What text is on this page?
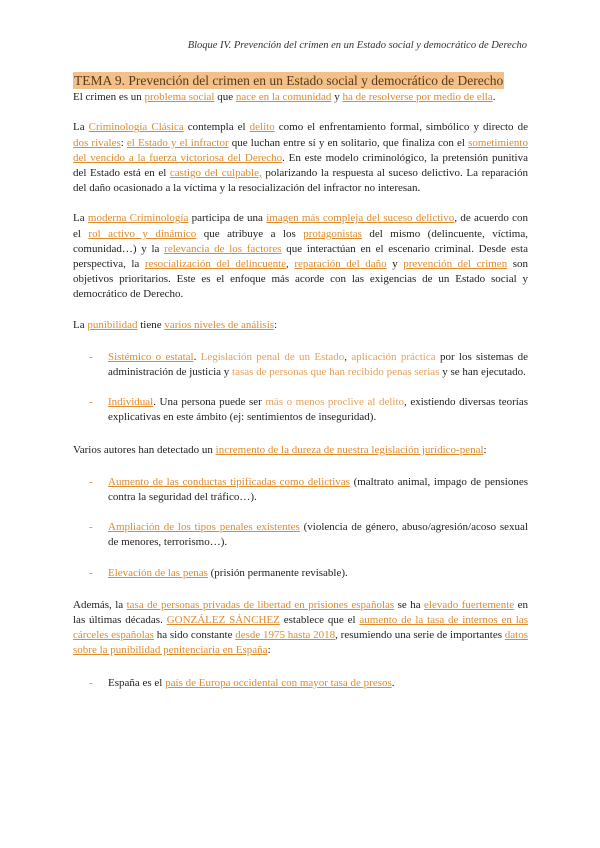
Bloque IV. Prevención del crimen en un Estado social y democrático de Derecho
TEMA 9. Prevención del crimen en un Estado social y democrático de Derecho

El crimen es un problema social que nace en la comunidad y ha de resolverse por medio de ella.

La Criminología Clásica contempla el delito como el enfrentamiento formal, simbólico y directo de dos rivales: el Estado y el infractor que luchan entre sí y en solitario, que finaliza con el sometimiento del vencido a la fuerza victoriosa del Derecho. En este modelo criminológico, la pretensión punitiva del Estado está en el castigo del culpable, polarizando la respuesta al suceso delictivo. La reparación del daño ocasionado a la víctima y la resocialización del infractor no interesan.

La moderna Criminología participa de una imagen más compleja del suceso delictivo, de acuerdo con el rol activo y dinámico que atribuye a los protagonistas del mismo (delincuente, víctima, comunidad…) y la relevancia de los factores que interactúan en el escenario criminal. Desde esta perspectiva, la resocialización del delincuente, reparación del daño y prevención del crimen son objetivos prioritarios. Este es el enfoque más acorde con las exigencias de un Estado social y democrático de Derecho.

La punibilidad tiene varios niveles de análisis:

- Sistémico o estatal. Legislación penal de un Estado, aplicación práctica por los sistemas de administración de justicia y tasas de personas que han recibido penas serias y se han ejecutado.
- Individual. Una persona puede ser más o menos proclive al delito, existiendo diversas teorías explicativas en este ámbito (ej: sentimientos de inseguridad).

Varios autores han detectado un incremento de la dureza de nuestra legislación jurídico-penal:

- Aumento de las conductas tipificadas como delictivas (maltrato animal, impago de pensiones contra la seguridad del tráfico…).
- Ampliación de los tipos penales existentes (violencia de género, abuso/agresión/acoso sexual de menores, terrorismo…).
- Elevación de las penas (prisión permanente revisable).

Además, la tasa de personas privadas de libertad en prisiones españolas se ha elevado fuertemente en las últimas décadas. GONZÁLEZ SÁNCHEZ establece que el aumento de la tasa de internos en las cárceles españolas ha sido constante desde 1975 hasta 2018, resumiendo una serie de importantes datos sobre la punibilidad penitenciaria en España:

- España es el país de Europa occidental con mayor tasa de presos.
